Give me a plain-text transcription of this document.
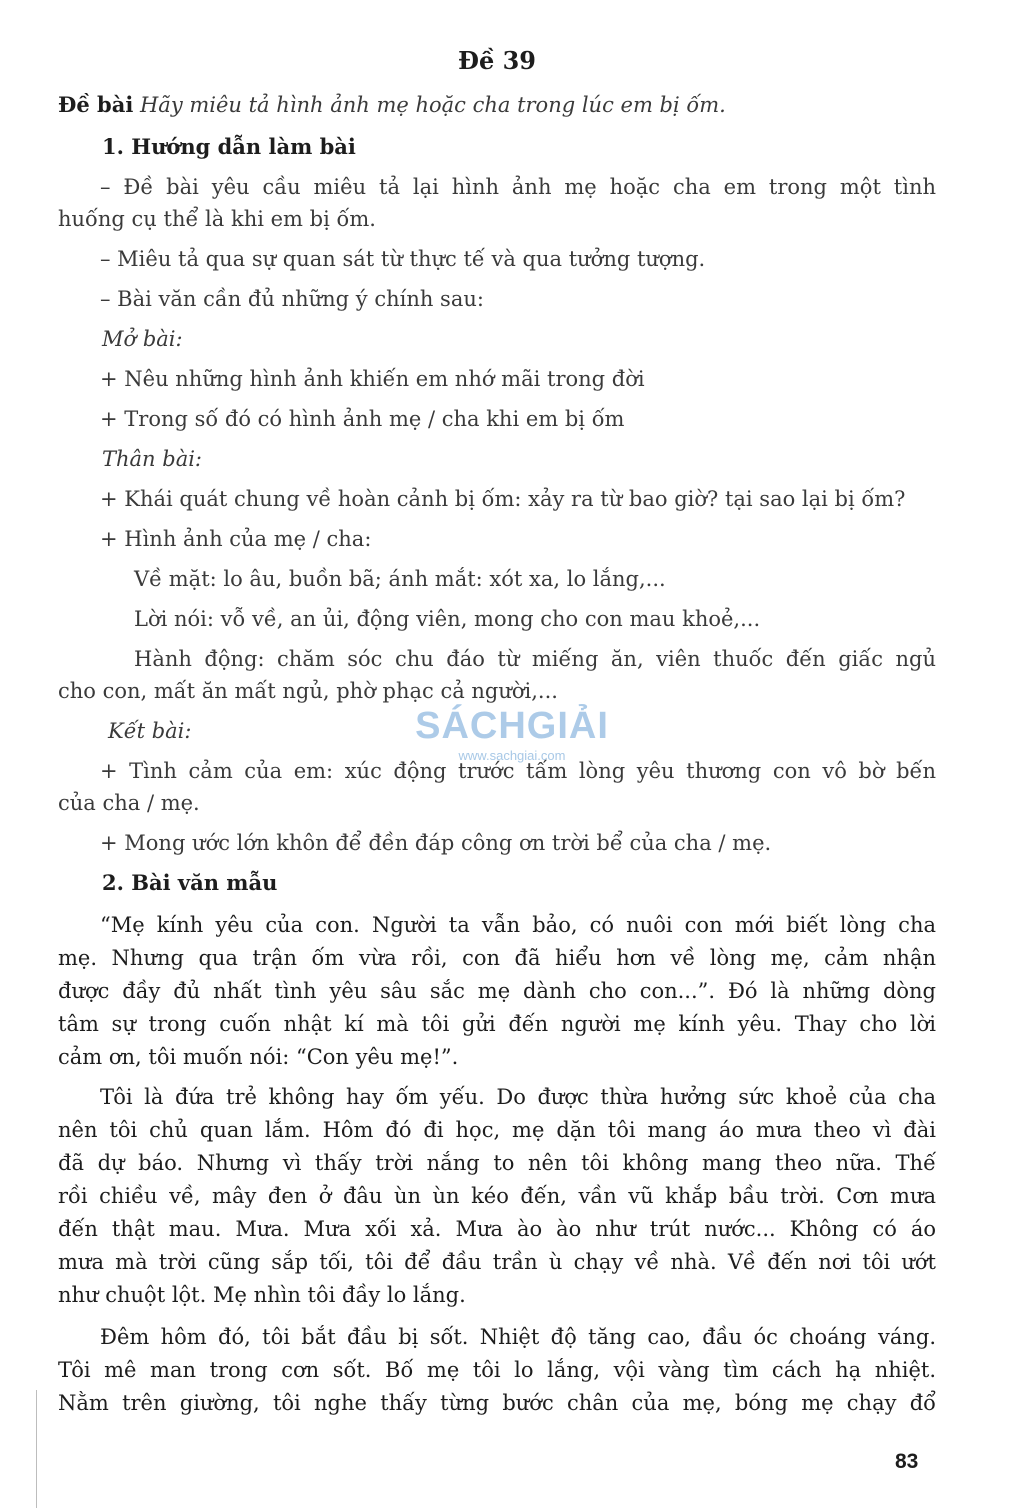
Đề 39
Đề bài Hãy miêu tả hình ảnh mẹ hoặc cha trong lúc em bị ốm.
1. Hướng dẫn làm bài
– Đề bài yêu cầu miêu tả lại hình ảnh mẹ hoặc cha em trong một tình
huống cụ thể là khi em bị ốm.
– Miêu tả qua sự quan sát từ thực tế và qua tưởng tượng.
– Bài văn cần đủ những ý chính sau:
Mở bài:
+ Nêu những hình ảnh khiến em nhớ mãi trong đời
+ Trong số đó có hình ảnh mẹ / cha khi em bị ốm
Thân bài:
+ Khái quát chung về hoàn cảnh bị ốm: xảy ra từ bao giờ? tại sao lại bị ốm?
+ Hình ảnh của mẹ / cha:
Về mặt: lo âu, buồn bã; ánh mắt: xót xa, lo lắng,...
Lời nói: vỗ về, an ủi, động viên, mong cho con mau khoẻ,...
Hành động: chăm sóc chu đáo từ miếng ăn, viên thuốc đến giấc ngủ
cho con, mất ăn mất ngủ, phờ phạc cả người,...
Kết bài:
+ Tình cảm của em: xúc động trước tấm lòng yêu thương con vô bờ bến
của cha / mẹ.
+ Mong ước lớn khôn để đền đáp công ơn trời bể của cha / mẹ.
2. Bài văn mẫu
“Mẹ kính yêu của con. Người ta vẫn bảo, có nuôi con mới biết lòng cha
mẹ. Nhưng qua trận ốm vừa rồi, con đã hiểu hơn về lòng mẹ, cảm nhận
được đầy đủ nhất tình yêu sâu sắc mẹ dành cho con...”. Đó là những dòng
tâm sự trong cuốn nhật kí mà tôi gửi đến người mẹ kính yêu. Thay cho lời
cảm ơn, tôi muốn nói: “Con yêu mẹ!”.
Tôi là đứa trẻ không hay ốm yếu. Do được thừa hưởng sức khoẻ của cha
nên tôi chủ quan lắm. Hôm đó đi học, mẹ dặn tôi mang áo mưa theo vì đài
đã dự báo. Nhưng vì thấy trời nắng to nên tôi không mang theo nữa. Thế
rồi chiều về, mây đen ở đâu ùn ùn kéo đến, vần vũ khắp bầu trời. Cơn mưa
đến thật mau. Mưa. Mưa xối xả. Mưa ào ào như trút nước... Không có áo
mưa mà trời cũng sắp tối, tôi để đầu trần ù chạy về nhà. Về đến nơi tôi ướt
như chuột lột. Mẹ nhìn tôi đầy lo lắng.
Đêm hôm đó, tôi bắt đầu bị sốt. Nhiệt độ tăng cao, đầu óc choáng váng.
Tôi mê man trong cơn sốt. Bố mẹ tôi lo lắng, vội vàng tìm cách hạ nhiệt.
Nằm trên giường, tôi nghe thấy từng bước chân của mẹ, bóng mẹ chạy đổ
SÁCHGIẢI
www.sachgiai.com
83
